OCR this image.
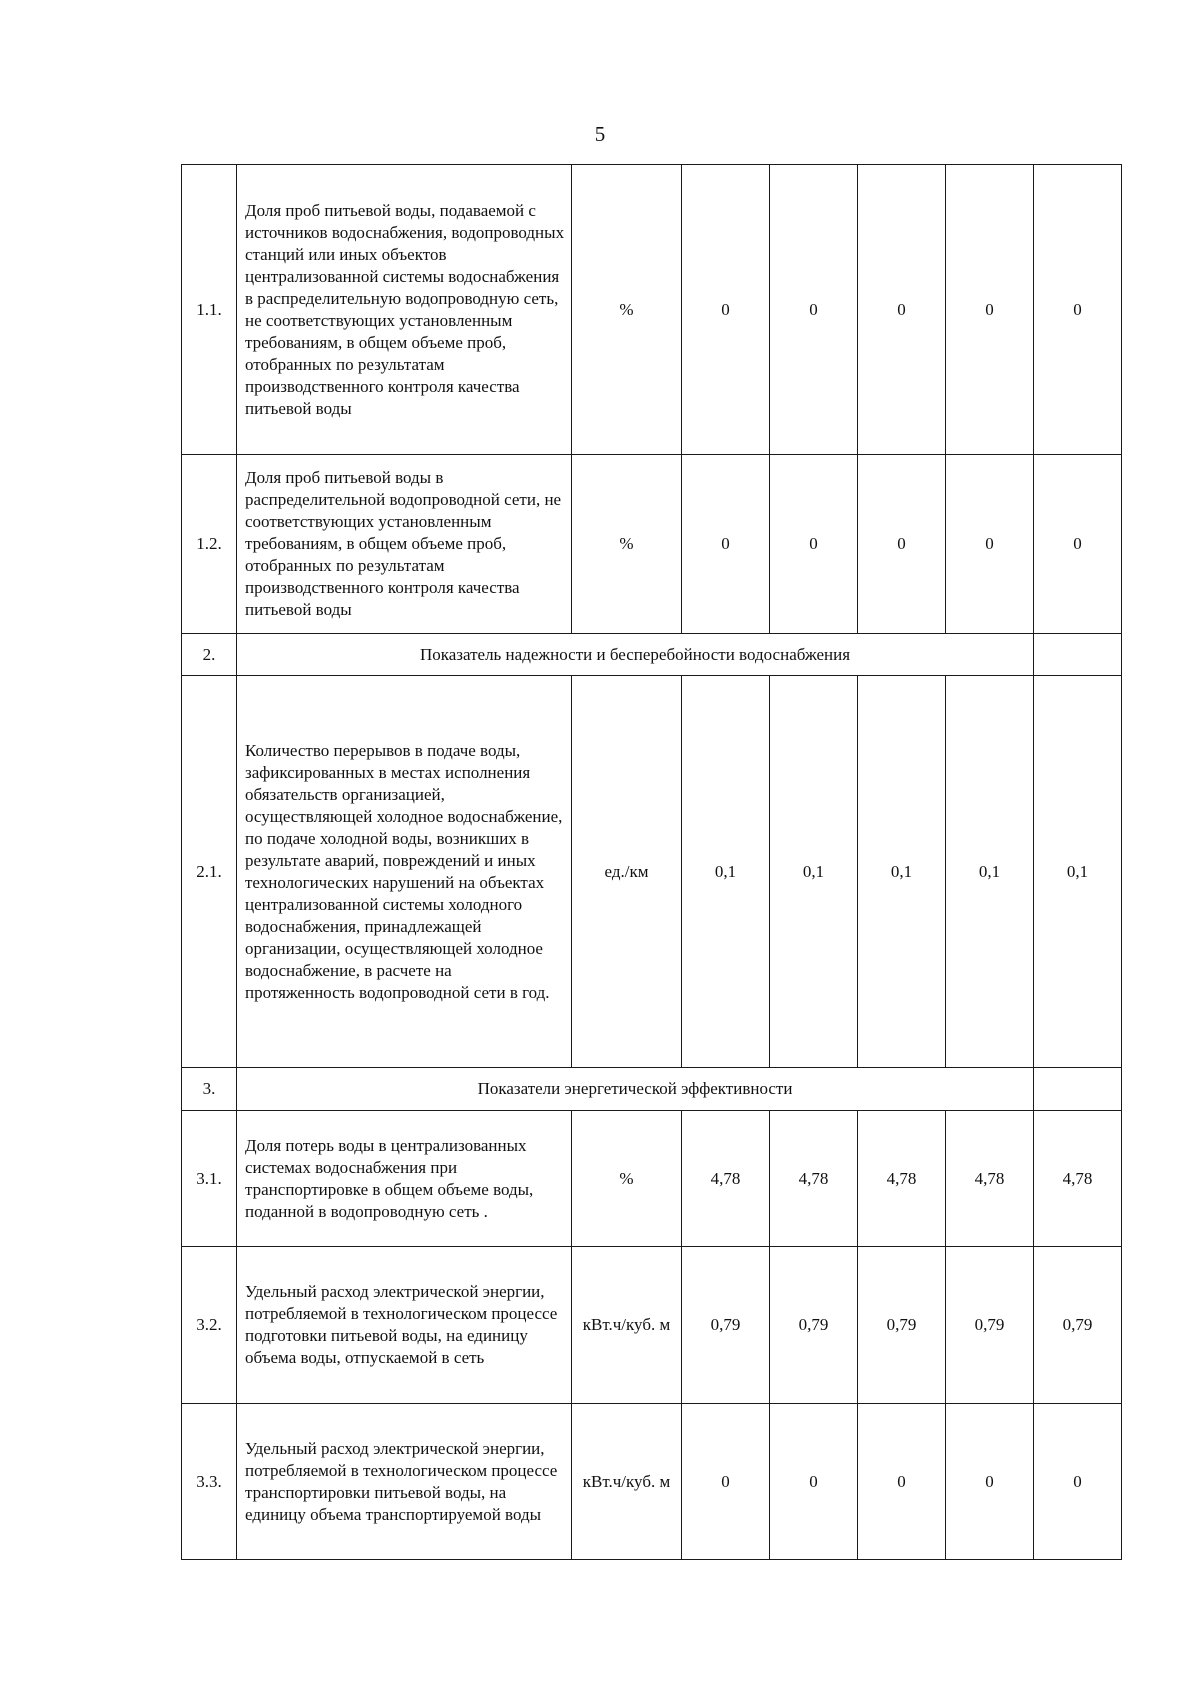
5
1.1.	Доля проб питьевой воды, подаваемой с источников водоснабжения, водопроводных станций или иных объектов централизованной системы водоснабжения в распределительную водопроводную сеть, не соответствующих установленным требованиям, в общем объеме проб, отобранных по результатам производственного контроля качества питьевой воды	%	0	0	0	0	0
1.2.	Доля проб питьевой воды в распределительной водопроводной сети, не соответствующих установленным требованиям, в общем объеме проб, отобранных по результатам производственного контроля качества питьевой воды	%	0	0	0	0	0
2.	Показатель надежности и бесперебойности водоснабжения						
2.1.	Количество перерывов в подаче воды, зафиксированных в местах исполнения обязательств организацией, осуществляющей холодное водоснабжение, по подаче холодной воды, возникших в результате аварий, повреждений и иных технологических нарушений на объектах централизованной системы холодного водоснабжения, принадлежащей организации, осуществляющей холодное водоснабжение, в расчете на протяженность водопроводной сети в год.	ед./км	0,1	0,1	0,1	0,1	0,1
3.	Показатели энергетической эффективности						
3.1.	Доля потерь воды в централизованных системах водоснабжения при транспортировке в общем объеме воды, поданной в водопроводную сеть .	%	4,78	4,78	4,78	4,78	4,78
3.2.	Удельный расход электрической энергии, потребляемой в технологическом процессе подготовки питьевой воды, на единицу объема воды, отпускаемой в сеть	кВт.ч/куб. м	0,79	0,79	0,79	0,79	0,79
3.3.	Удельный расход электрической энергии, потребляемой в технологическом процессе транспортировки питьевой воды, на единицу объема транспортируемой воды	кВт.ч/куб. м	0	0	0	0	0
